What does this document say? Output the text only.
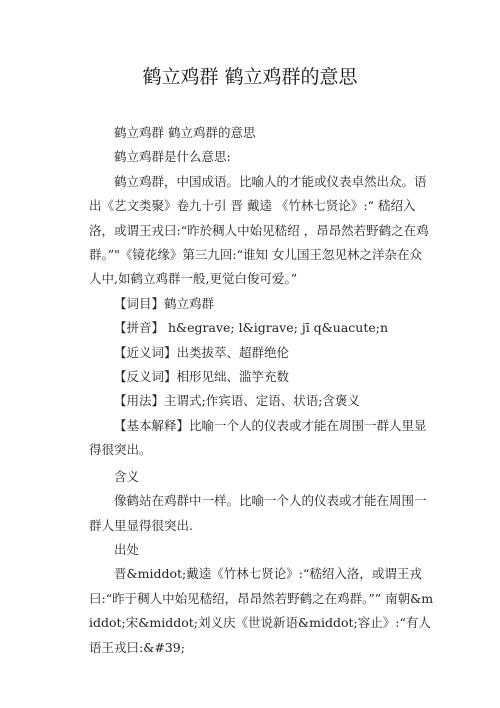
鹤立鸡群 鹤立鸡群的意思

鹤立鸡群 鹤立鸡群的意思

鹤立鸡群是什么意思:

鹤立鸡群，中国成语。比喻人的才能或仪表卓然出众。语出《艺文类聚》卷九十引 晋 戴逵 《竹林七贤论》:“ 嵇绍入洛，或谓王戎曰:“昨於稠人中始见嵇绍 ，昂昂然若野鹤之在鸡群。”"《镜花缘》第三九回:“谁知 女儿国王忽见林之洋杂在众人中,如鹤立鸡群一般,更觉白俊可爱。”

【词目】鹤立鸡群

【拼音】 h&egrave; l&igrave; jī q&uacute;n

【近义词】出类拔萃、超群绝伦

【反义词】相形见绌、滥竽充数

【用法】主谓式;作宾语、定语、状语;含褒义

【基本解释】比喻一个人的仪表或才能在周围一群人里显得很突出。

含义

像鹤站在鸡群中一样。比喻一个人的仪表或才能在周围一群人里显得很突出.

出处

晋&middot;戴逵《竹林七贤论》:“嵇绍入洛，或谓王戎曰:“昨于稠人中始见嵇绍，昂昂然若野鹤之在鸡群。”” 南朝&middot;宋&middot;刘义庆《世说新语&middot;容止》:“有人语王戎曰:&#39;
